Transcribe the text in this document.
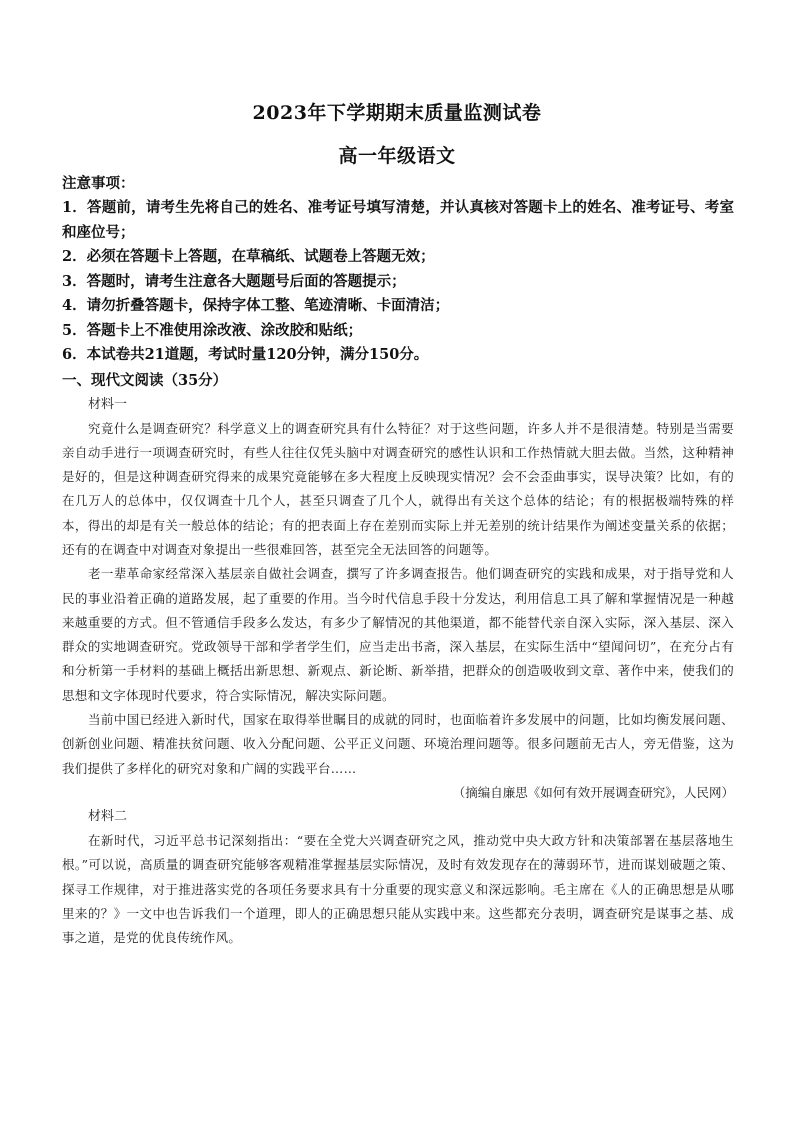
2023年下学期期末质量监测试卷
高一年级语文
注意事项：

1．答题前，请考生先将自己的姓名、准考证号填写清楚，并认真核对答题卡上的姓名、准考证号、考室和座位号；

2．必须在答题卡上答题，在草稿纸、试题卷上答题无效；

3．答题时，请考生注意各大题题号后面的答题提示；

4．请勿折叠答题卡，保持字体工整、笔迹清晰、卡面清洁；

5．答题卡上不准使用涂改液、涂改胶和贴纸；

6．本试卷共21道题，考试时量120分钟，满分150分。

一、现代文阅读（35分）
材料一

究竟什么是调查研究？科学意义上的调查研究具有什么特征？对于这些问题，许多人并不是很清楚。特别是当需要亲自动手进行一项调查研究时，有些人往往仅凭头脑中对调查研究的感性认识和工作热情就大胆去做。当然，这种精神是好的，但是这种调查研究得来的成果究竟能够在多大程度上反映现实情况？会不会歪曲事实，误导决策？比如，有的在几万人的总体中，仅仅调查十几个人，甚至只调查了几个人，就得出有关这个总体的结论；有的根据极端特殊的样本，得出的却是有关一般总体的结论；有的把表面上存在差别而实际上并无差别的统计结果作为阐述变量关系的依据；还有的在调查中对调查对象提出一些很难回答，甚至完全无法回答的问题等。

老一辈革命家经常深入基层亲自做社会调查，撰写了许多调查报告。他们调查研究的实践和成果，对于指导党和人民的事业沿着正确的道路发展，起了重要的作用。当今时代信息手段十分发达，利用信息工具了解和掌握情况是一种越来越重要的方式。但不管通信手段多么发达，有多少了解情况的其他渠道，都不能替代亲自深入实际，深入基层、深入群众的实地调查研究。党政领导干部和学者学生们，应当走出书斋，深入基层，在实际生活中“望闻问切”，在充分占有和分析第一手材料的基础上概括出新思想、新观点、新论断、新举措，把群众的创造吸收到文章、著作中来，使我们的思想和文字体现时代要求，符合实际情况，解决实际问题。

当前中国已经进入新时代，国家在取得举世瞩目的成就的同时，也面临着许多发展中的问题，比如均衡发展问题、创新创业问题、精准扶贫问题、收入分配问题、公平正义问题、环境治理问题等。很多问题前无古人，旁无借鉴，这为我们提供了多样化的研究对象和广阔的实践平台……

（摘编自廉思《如何有效开展调查研究》，人民网）

材料二

在新时代，习近平总书记深刻指出：“要在全党大兴调查研究之风，推动党中央大政方针和决策部署在基层落地生根。”可以说，高质量的调查研究能够客观精准掌握基层实际情况，及时有效发现存在的薄弱环节，进而谋划破题之策、探寻工作规律，对于推进落实党的各项任务要求具有十分重要的现实意义和深远影响。毛主席在《人的正确思想是从哪里来的？》一文中也告诉我们一个道理，即人的正确思想只能从实践中来。这些都充分表明，调查研究是谋事之基、成事之道，是党的优良传统作风。
